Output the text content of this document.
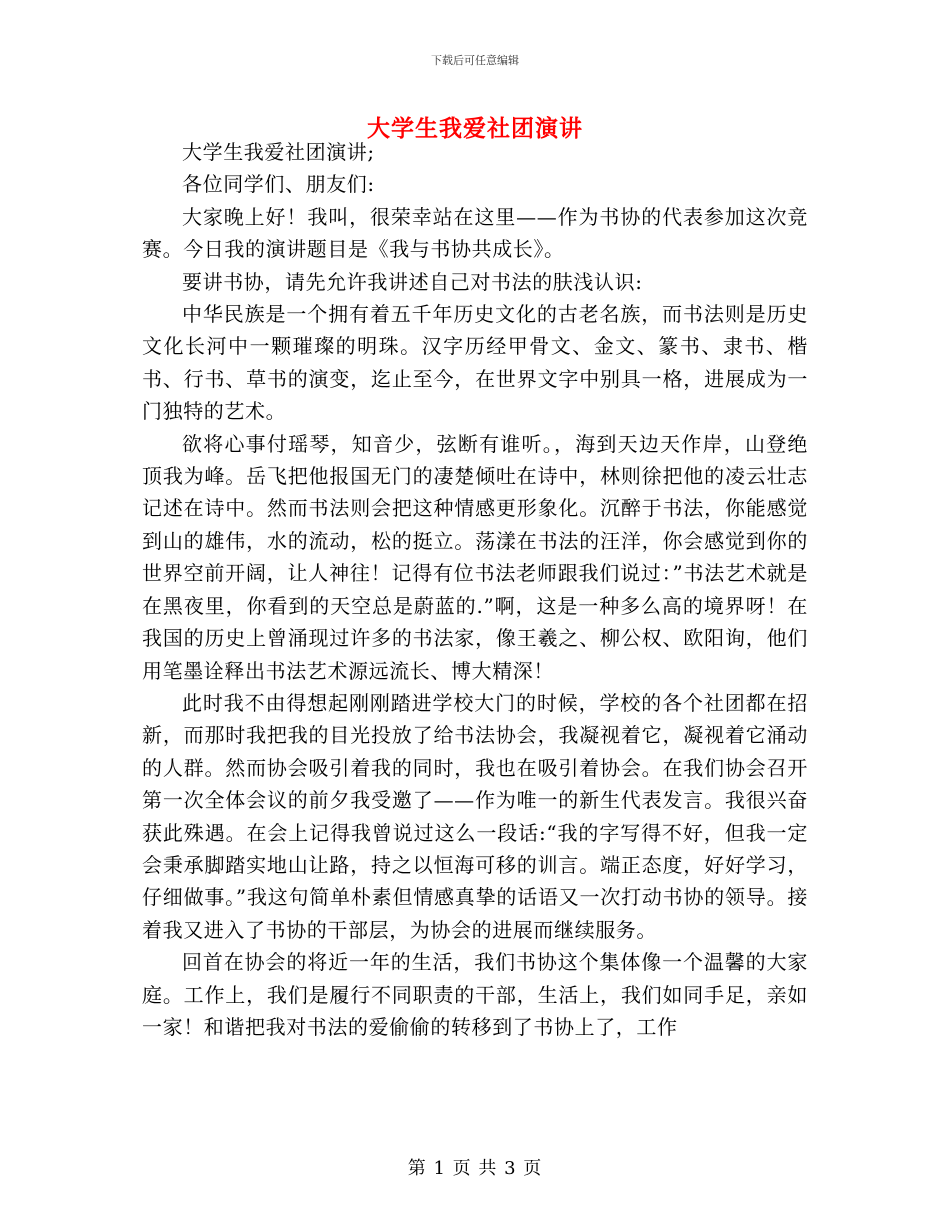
下载后可任意编辑
大学生我爱社团演讲

大学生我爱社团演讲;

各位同学们、朋友们:

大家晚上好！我叫，很荣幸站在这里——作为书协的代表参加这次竞赛。今日我的演讲题目是《我与书协共成长》。

要讲书协，请先允许我讲述自己对书法的肤浅认识:

中华民族是一个拥有着五千年历史文化的古老名族，而书法则是历史文化长河中一颗璀璨的明珠。汉字历经甲骨文、金文、篆书、隶书、楷书、行书、草书的演变，迄止至今，在世界文字中别具一格，进展成为一门独特的艺术。

欲将心事付瑶琴，知音少，弦断有谁听。，海到天边天作岸，山登绝顶我为峰。岳飞把他报国无门的凄楚倾吐在诗中，林则徐把他的凌云壮志记述在诗中。然而书法则会把这种情感更形象化。沉醉于书法，你能感觉到山的雄伟，水的流动，松的挺立。荡漾在书法的汪洋，你会感觉到你的世界空前开阔，让人神往！记得有位书法老师跟我们说过：”书法艺术就是在黑夜里，你看到的天空总是蔚蓝的.”啊，这是一种多么高的境界呀！在我国的历史上曾涌现过许多的书法家，像王羲之、柳公权、欧阳询，他们用笔墨诠释出书法艺术源远流长、博大精深！

此时我不由得想起刚刚踏进学校大门的时候，学校的各个社团都在招新，而那时我把我的目光投放了给书法协会，我凝视着它，凝视着它涌动的人群。然而协会吸引着我的同时，我也在吸引着协会。在我们协会召开第一次全体会议的前夕我受邀了——作为唯一的新生代表发言。我很兴奋获此殊遇。在会上记得我曾说过这么一段话:“我的字写得不好，但我一定会秉承脚踏实地山让路，持之以恒海可移的训言。端正态度，好好学习，仔细做事。”我这句简单朴素但情感真挚的话语又一次打动书协的领导。接着我又进入了书协的干部层，为协会的进展而继续服务。

回首在协会的将近一年的生活，我们书协这个集体像一个温馨的大家庭。工作上，我们是履行不同职责的干部，生活上，我们如同手足，亲如一家！和谐把我对书法的爱偷偷的转移到了书协上了，工作

第 1 页 共 3 页
